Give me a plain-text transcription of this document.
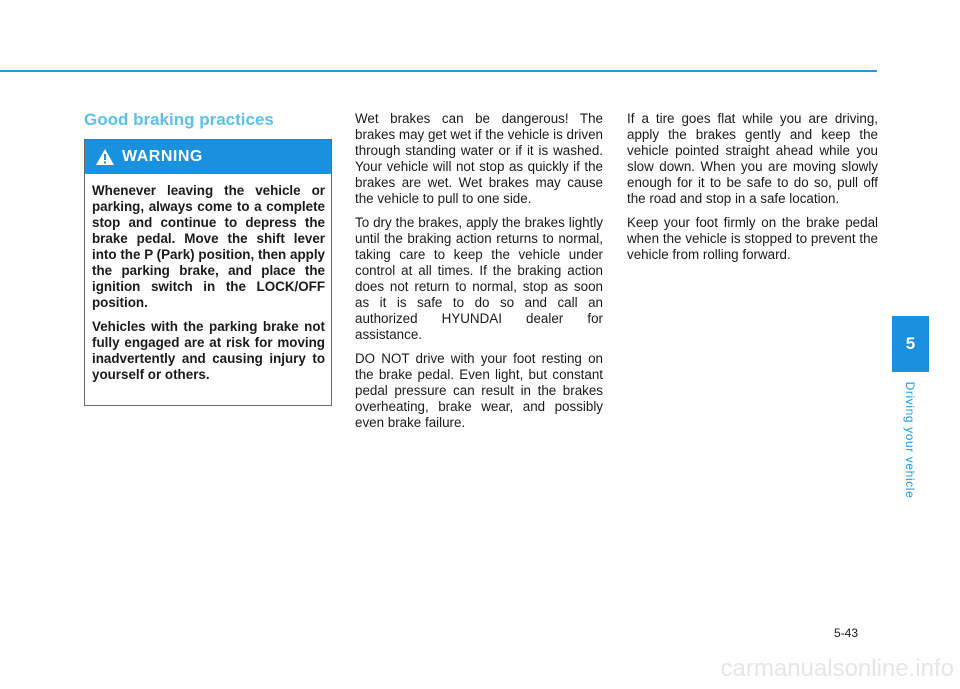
Good braking practices
WARNING

Whenever leaving the vehicle or parking, always come to a complete stop and continue to depress the brake pedal. Move the shift lever into the P (Park) position, then apply the parking brake, and place the ignition switch in the LOCK/OFF position.

Vehicles with the parking brake not fully engaged are at risk for moving inadvertently and causing injury to yourself or others.

Wet brakes can be dangerous! The brakes may get wet if the vehicle is driven through standing water or if it is washed. Your vehicle will not stop as quickly if the brakes are wet. Wet brakes may cause the vehicle to pull to one side.

To dry the brakes, apply the brakes lightly until the braking action returns to normal, taking care to keep the vehicle under control at all times. If the braking action does not return to normal, stop as soon as it is safe to do so and call an authorized HYUNDAI dealer for assistance.

DO NOT drive with your foot resting on the brake pedal. Even light, but constant pedal pressure can result in the brakes overheating, brake wear, and possibly even brake failure.

If a tire goes flat while you are driving, apply the brakes gently and keep the vehicle pointed straight ahead while you slow down. When you are moving slowly enough for it to be safe to do so, pull off the road and stop in a safe location.

Keep your foot firmly on the brake pedal when the vehicle is stopped to prevent the vehicle from rolling forward.

5
Driving your vehicle
5-43
carmanualsonline.info
